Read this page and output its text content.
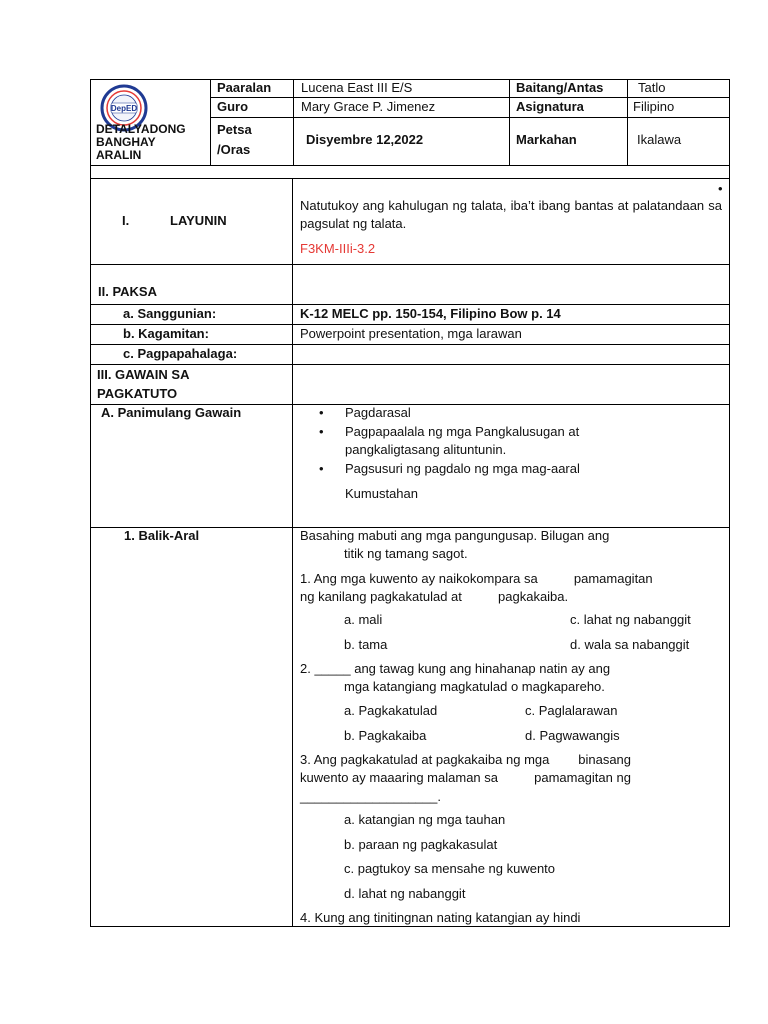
DepED
DETALYADONG
BANGHAY
ARALIN
Paaralan Lucena East III E/S	Baitang/Antas	Tatlo
Guro	Mary Grace P. Jimenez	Asignatura	Filipino
Petsa
/Oras
Disyembre 12,2022	Markahan	Ikalawa
I.	LAYUNIN
•
Natutukoy ang kahulugan ng talata, iba’t ibang bantas at palatandaan sa pagsulat ng talata.
F3KM-IIIi-3.2
II. PAKSA
a. Sanggunian:	K-12 MELC pp. 150-154, Filipino Bow p. 14
b. Kagamitan:	Powerpoint presentation, mga larawan
c. Pagpapahalaga:
III. GAWAIN SA
PAGKATUTO
A. Panimulang Gawain
•	Pagdarasal
• Pagpapaalala ng mga Pangkalusugan at
pangkaligtasang alituntunin.
• Pagsusuri ng pagdalo ng mga mag-aaral
Kumustahan
1. Balik-Aral	Basahing mabuti ang mga pangungusap. Bilugan ang
titik ng tamang sagot.
1. Ang mga kuwento ay naikokompara sa          pamamagitan
ng kanilang pagkakatulad at          pagkakaiba.
a. mali	c. lahat ng nabanggit
b. tama	d. wala sa nabanggit
2. _____ ang tawag kung ang hinahanap natin ay ang
mga katangiang magkatulad o magkapareho.
a. Pagkakatulad	c. Paglalarawan
b. Pagkakaiba	d. Pagwawangis
3. Ang pagkakatulad at pagkakaiba ng mga        binasang
kuwento ay maaaring malaman sa          pamamagitan ng
___________________.
a. katangian ng mga tauhan
b. paraan ng pagkakasulat
c. pagtukoy sa mensahe ng kuwento
d. lahat ng nabanggit
4. Kung ang tinitingnan nating katangian ay hindi
